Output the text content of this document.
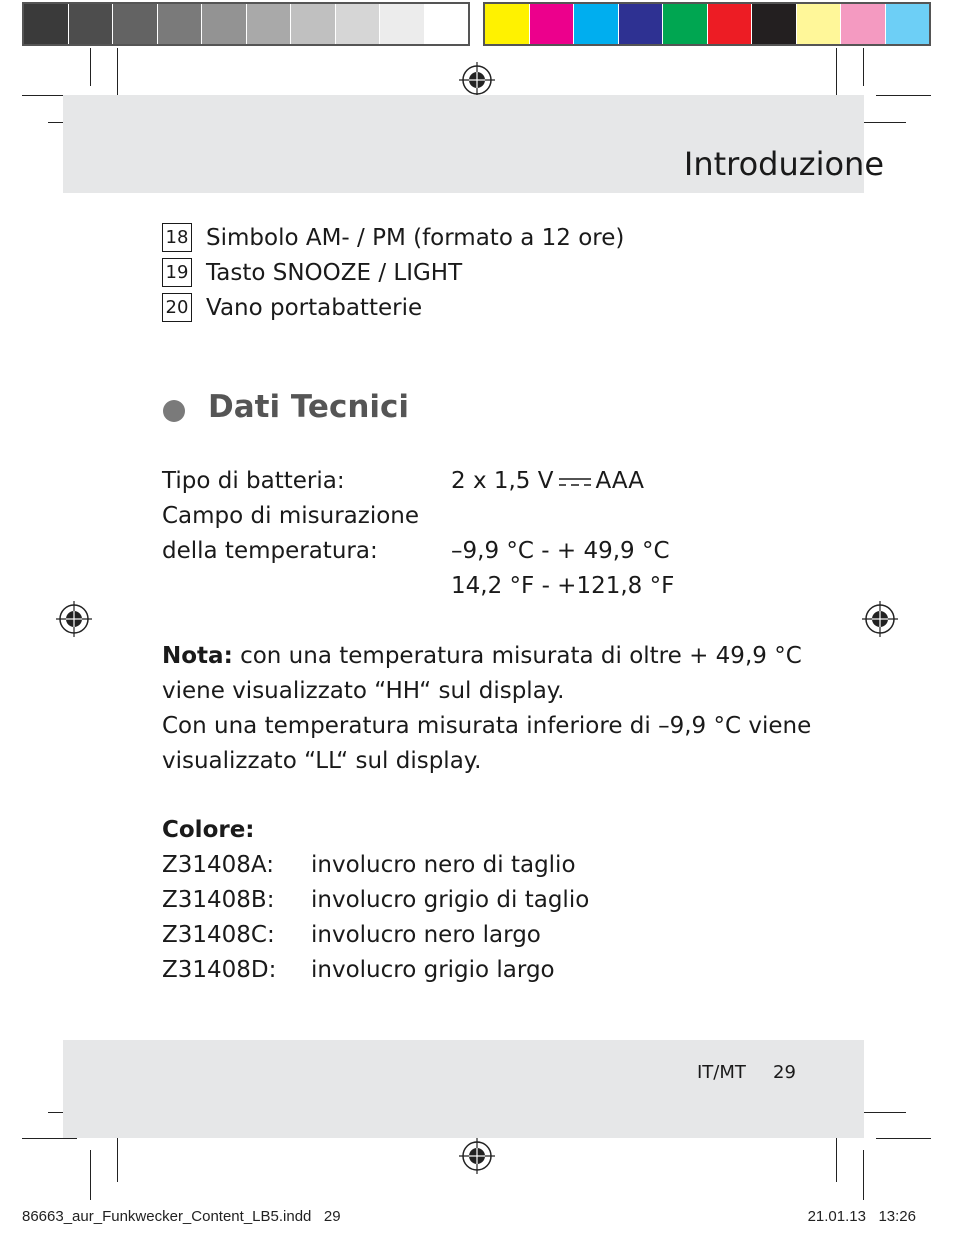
Introduzione
18 Simbolo AM- / PM (formato a 12 ore)
19 Tasto SNOOZE / LIGHT
20 Vano portabatterie
Dati Tecnici
Tipo di batteria:	2 x 1,5 V AAA
Campo di misurazione
della temperatura:	–9,9 °C - + 49,9 °C
14,2 °F - +121,8 °F
Nota: con una temperatura misurata di oltre + 49,9 °C
viene visualizzato “HH“ sul display.
Con una temperatura misurata inferiore di –9,9 °C viene
visualizzato “LL“ sul display.
Colore:
Z31408A: involucro nero di taglio
Z31408B: involucro grigio di taglio
Z31408C: involucro nero largo
Z31408D: involucro grigio largo
IT/MT 29
86663_aur_Funkwecker_Content_LB5.indd   29	21.01.13   13:26
